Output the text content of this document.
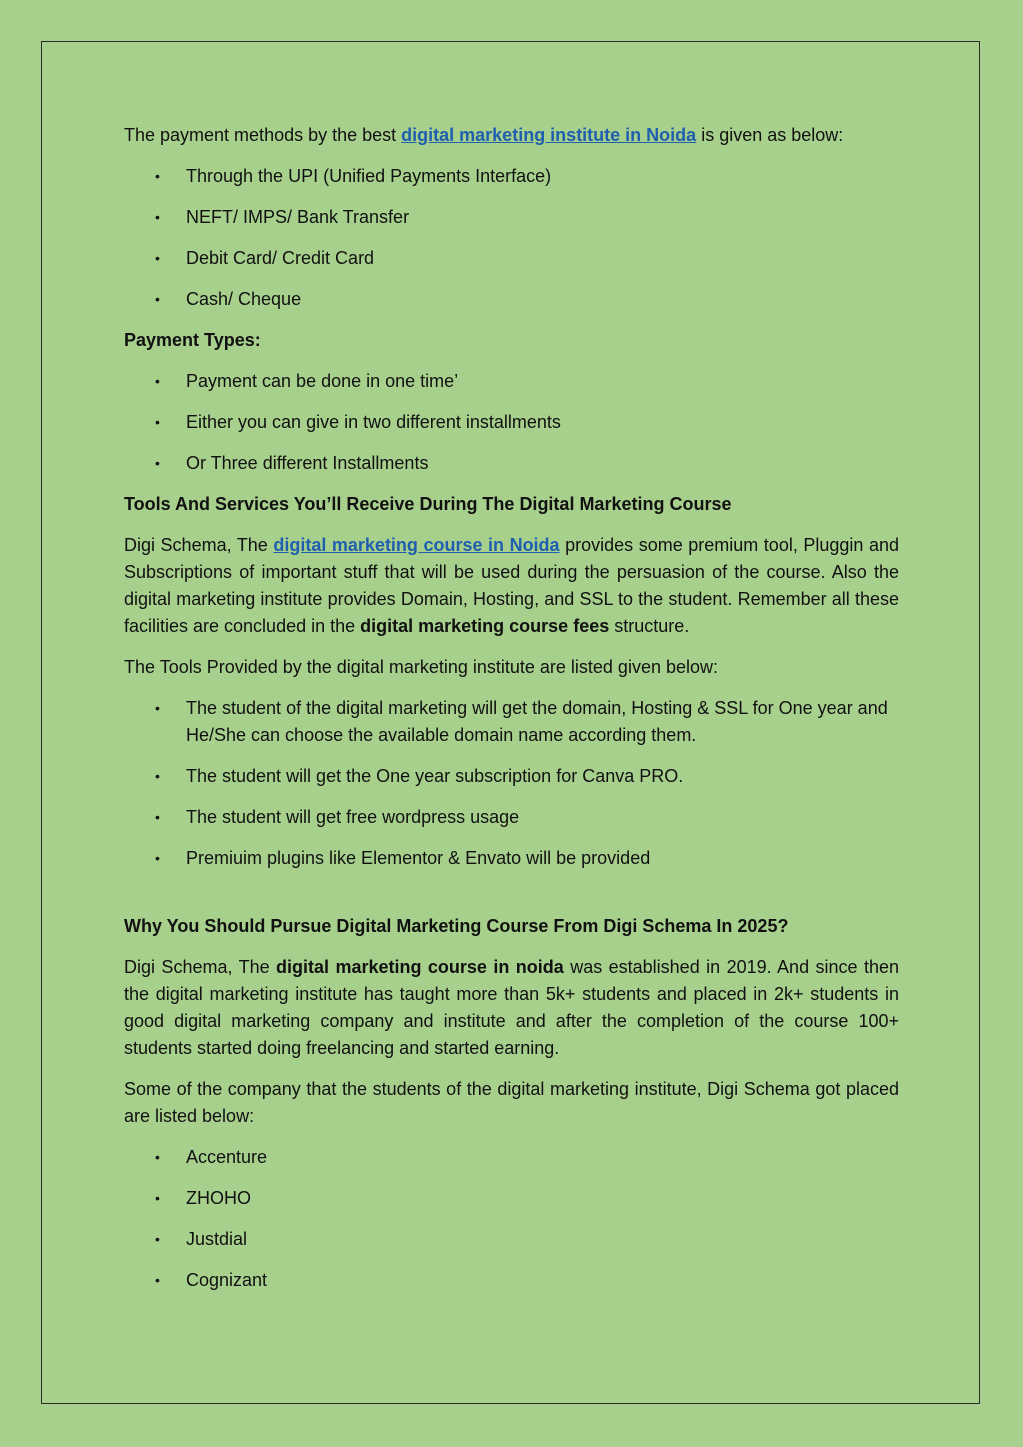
The payment methods by the best digital marketing institute in Noida is given as below:

• Through the UPI (Unified Payments Interface)
• NEFT/ IMPS/ Bank Transfer
• Debit Card/ Credit Card
• Cash/ Cheque

Payment Types:

• Payment can be done in one time’
• Either you can give in two different installments
• Or Three different Installments

Tools And Services You’ll Receive During The Digital Marketing Course

Digi Schema, The digital marketing course in Noida provides some premium tool, Pluggin and Subscriptions of important stuff that will be used during the persuasion of the course. Also the digital marketing institute provides Domain, Hosting, and SSL to the student. Remember all these facilities are concluded in the digital marketing course fees structure.

The Tools Provided by the digital marketing institute are listed given below:

• The student of the digital marketing will get the domain, Hosting & SSL for One year and He/She can choose the available domain name according them.
• The student will get the One year subscription for Canva PRO.
• The student will get free wordpress usage
• Premiuim plugins like Elementor & Envato will be provided

Why You Should Pursue Digital Marketing Course From Digi Schema In 2025?

Digi Schema, The digital marketing course in noida was established in 2019. And since then the digital marketing institute has taught more than 5k+ students and placed in 2k+ students in good digital marketing company and institute and after the completion of the course 100+ students started doing freelancing and started earning.

Some of the company that the students of the digital marketing institute, Digi Schema got placed are listed below:

• Accenture
• ZHOHO
• Justdial
• Cognizant
